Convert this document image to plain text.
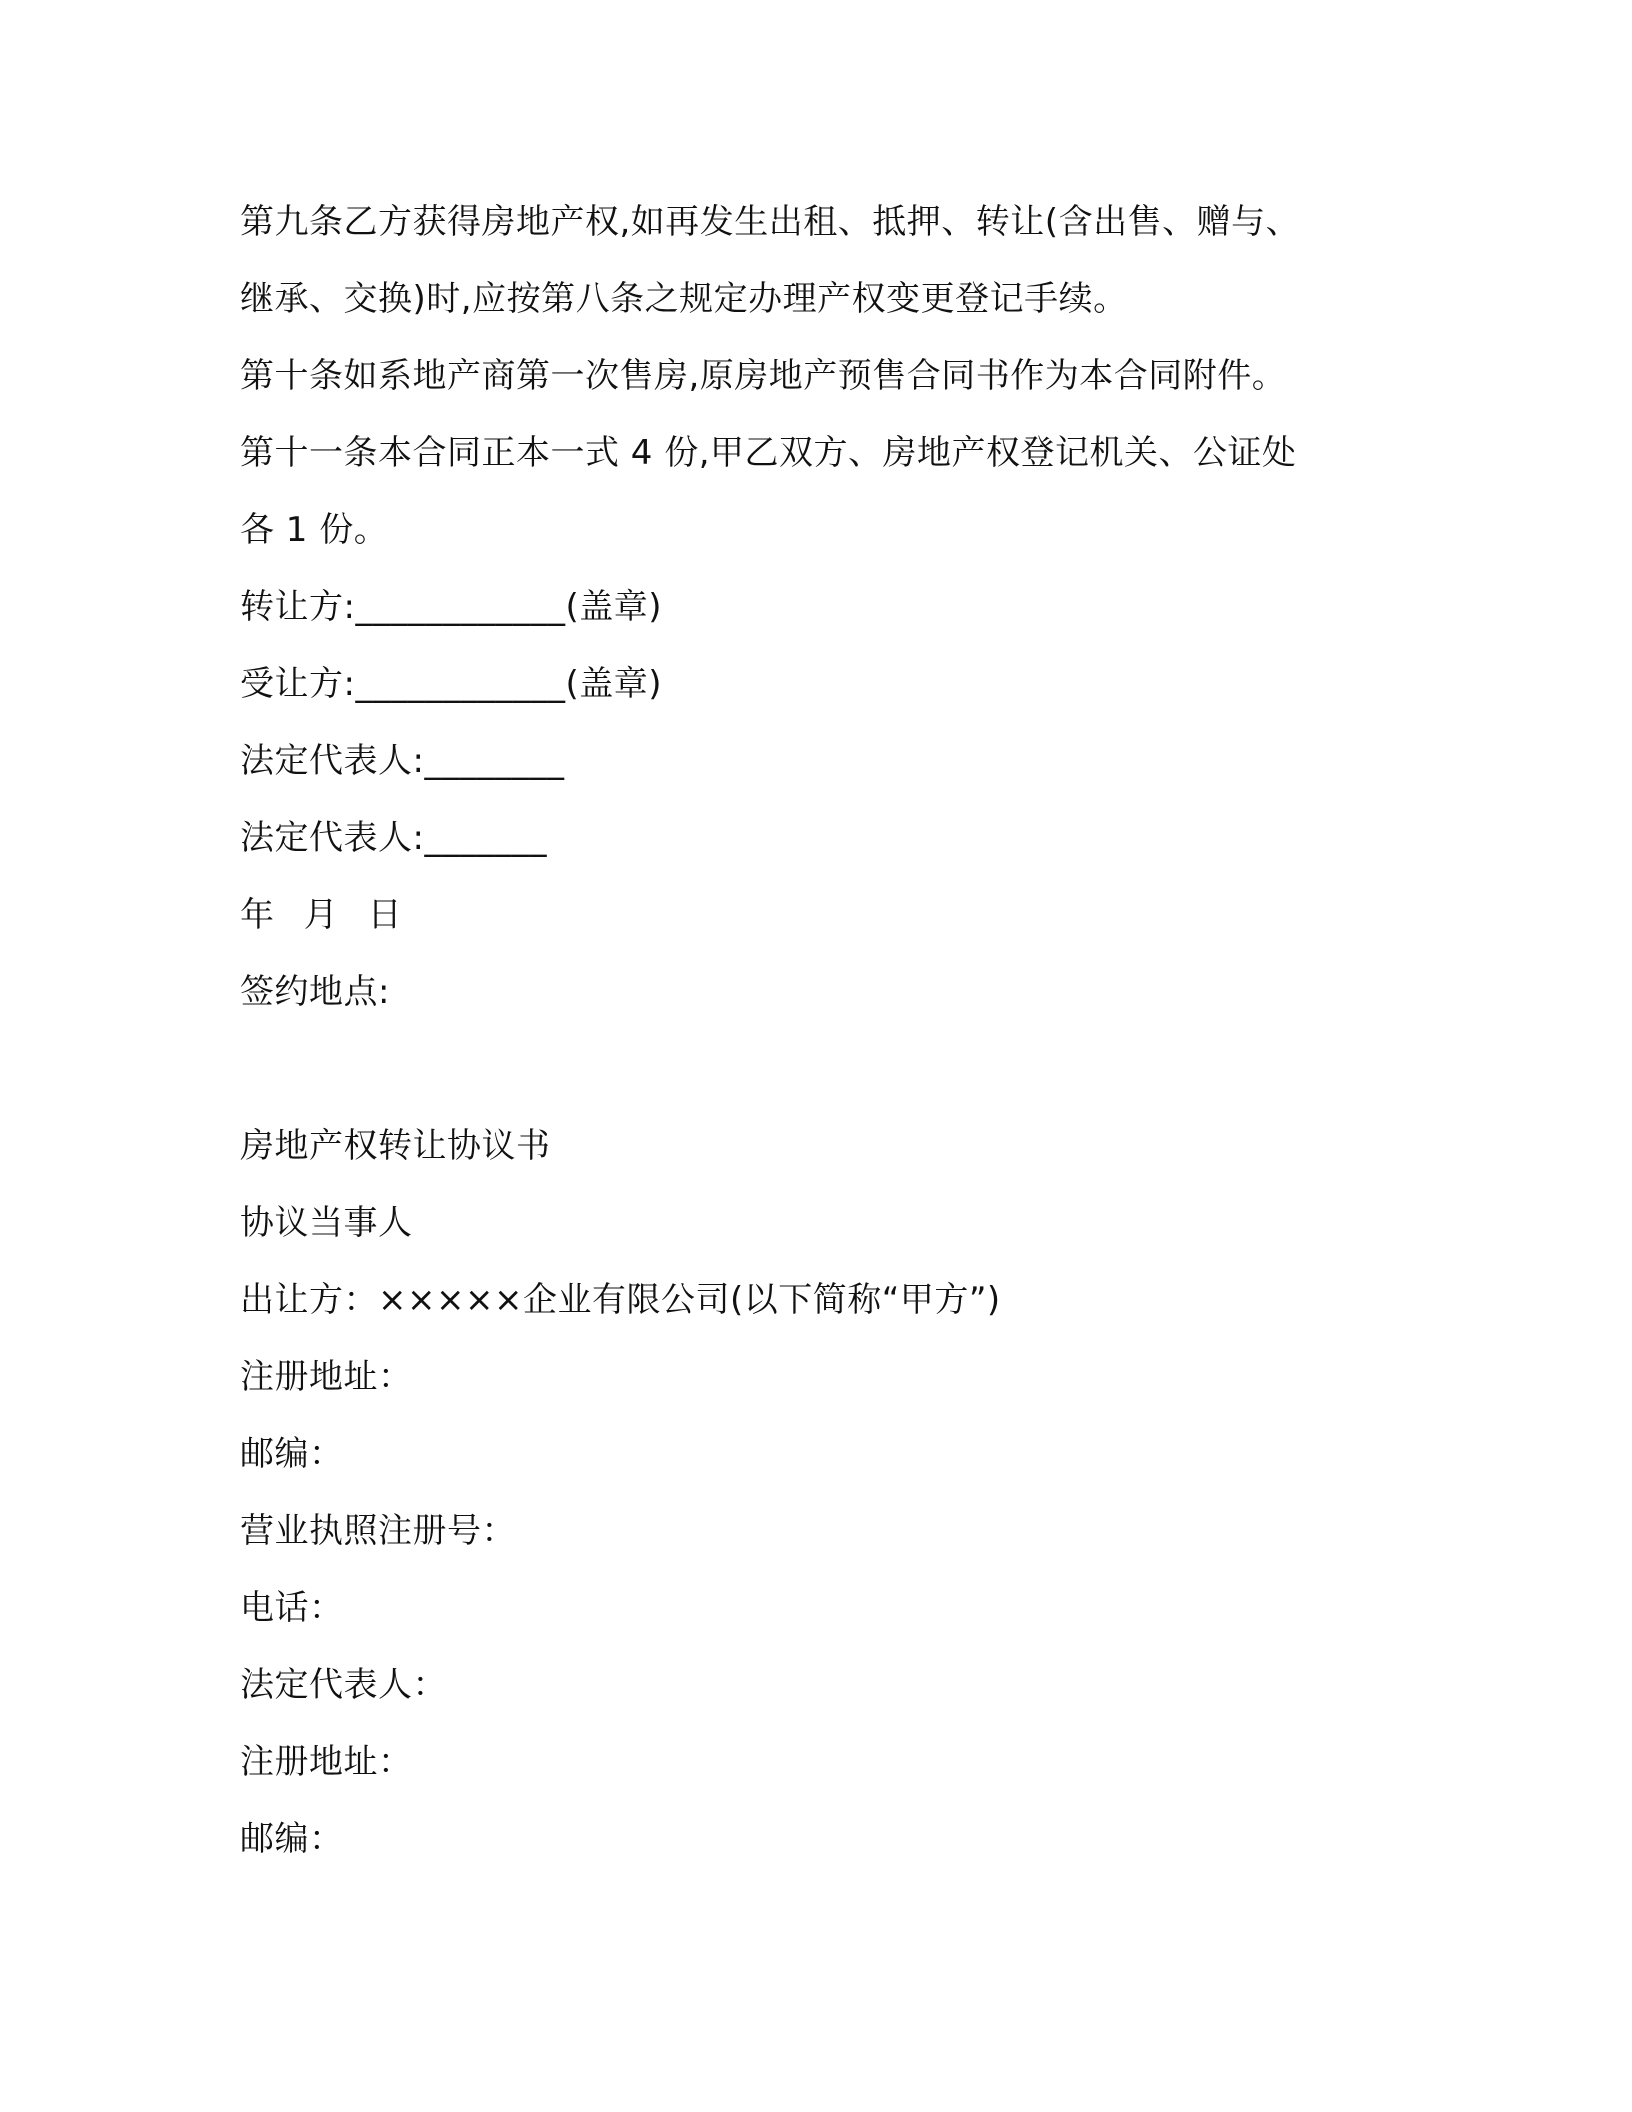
第九条乙方获得房地产权,如再发生出租、抵押、转让(含出售、赠与、
继承、交换)时,应按第八条之规定办理产权变更登记手续。
第十条如系地产商第一次售房,原房地产预售合同书作为本合同附件。
第十一条本合同正本一式 4 份,甲乙双方、房地产权登记机关、公证处
各 1 份。
转让方:____________(盖章)
受让方:____________(盖章)
法定代表人:________
法定代表人:_______
年 月 日
签约地点:
房地产权转让协议书
协议当事人
出让方：×××××企业有限公司(以下简称“甲方”)
注册地址：
邮编：
营业执照注册号：
电话：
法定代表人：
注册地址：
邮编：
